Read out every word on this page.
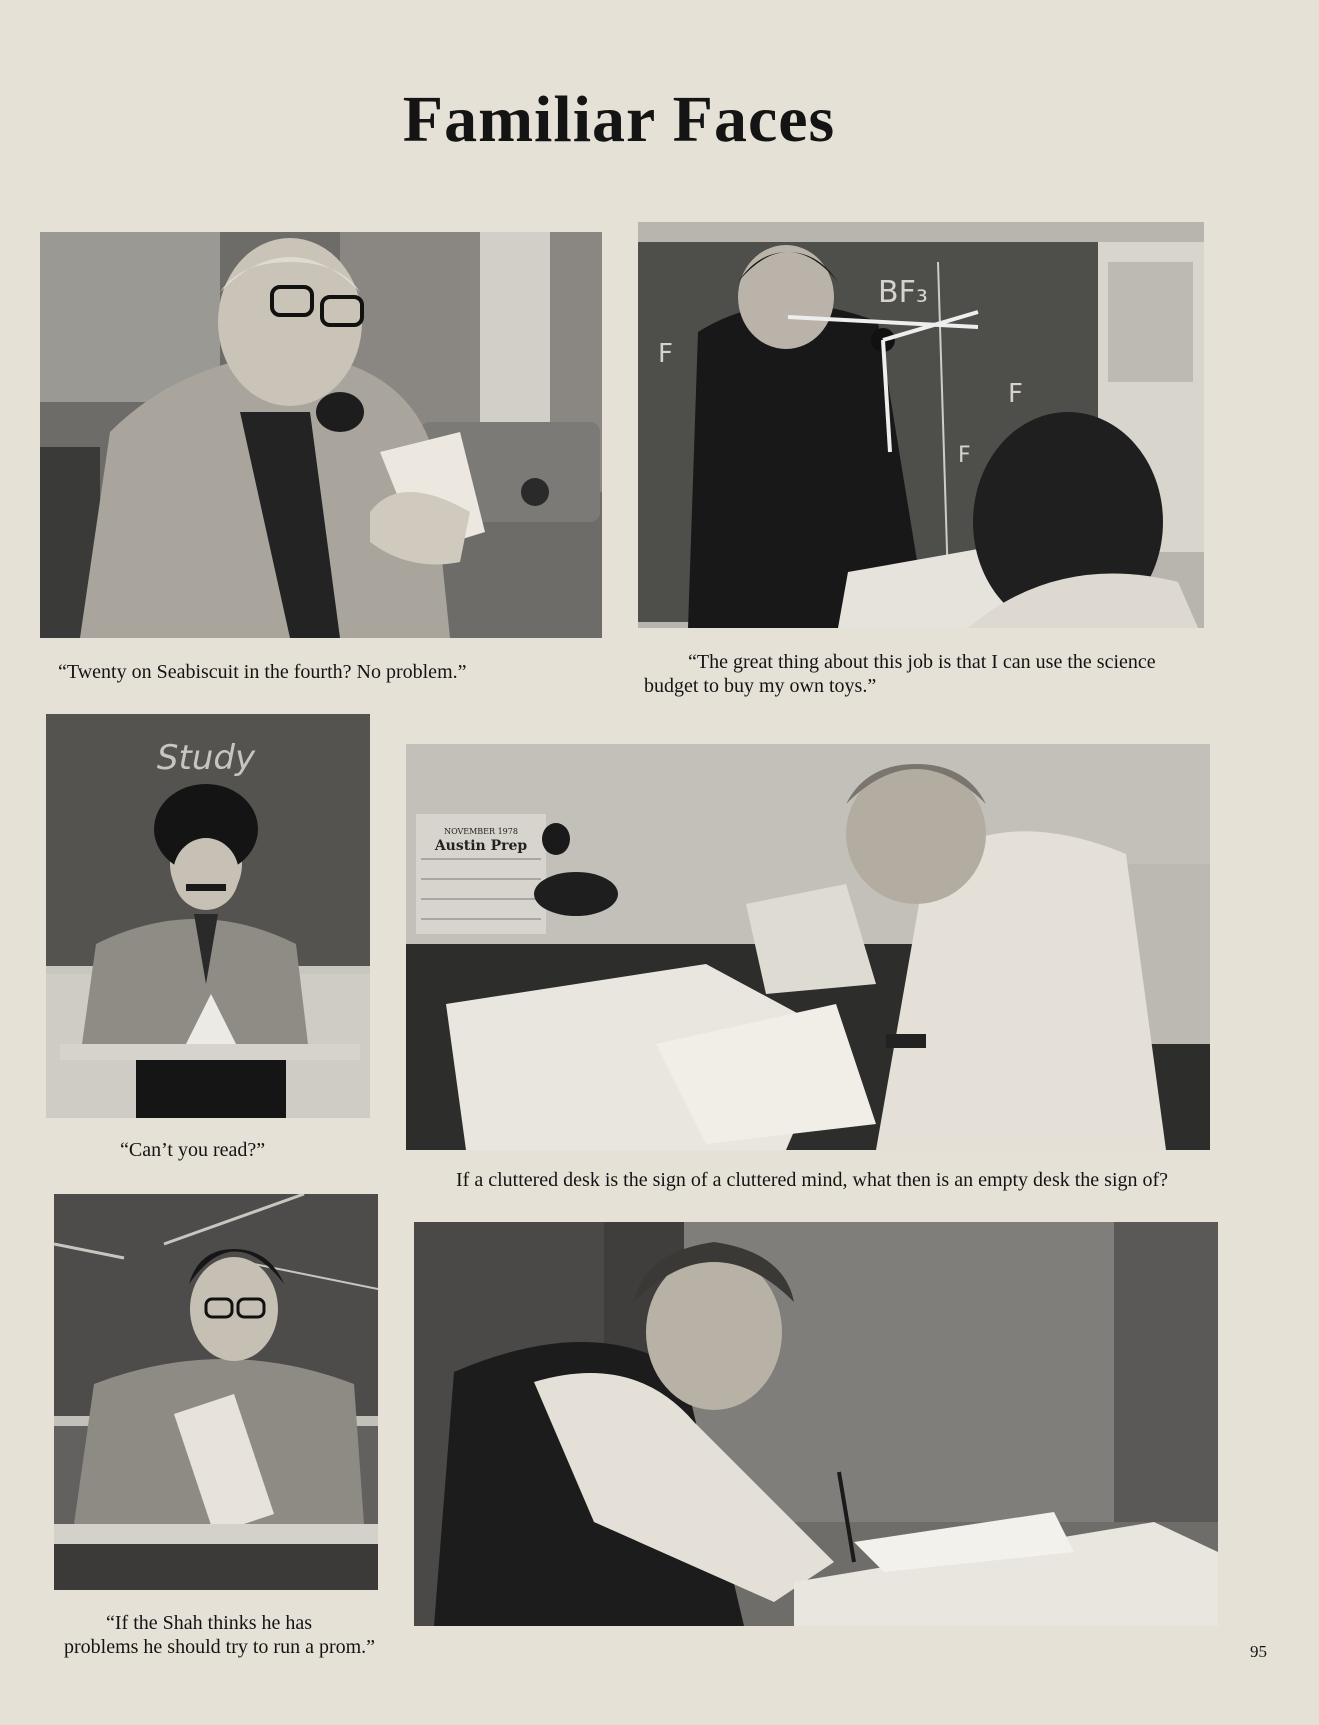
Familiar Faces
“Twenty on Seabiscuit in the fourth? No problem.”
BF₃
F
F
F
“The great thing about this job is that I can use the science budget to buy my own toys.”
Study
“Can’t you read?”
NOVEMBER 1978
Austin Prep
If a cluttered desk is the sign of a cluttered mind, what then is an empty desk the sign of?
“If the Shah thinks he has problems he should try to run a prom.”	95
